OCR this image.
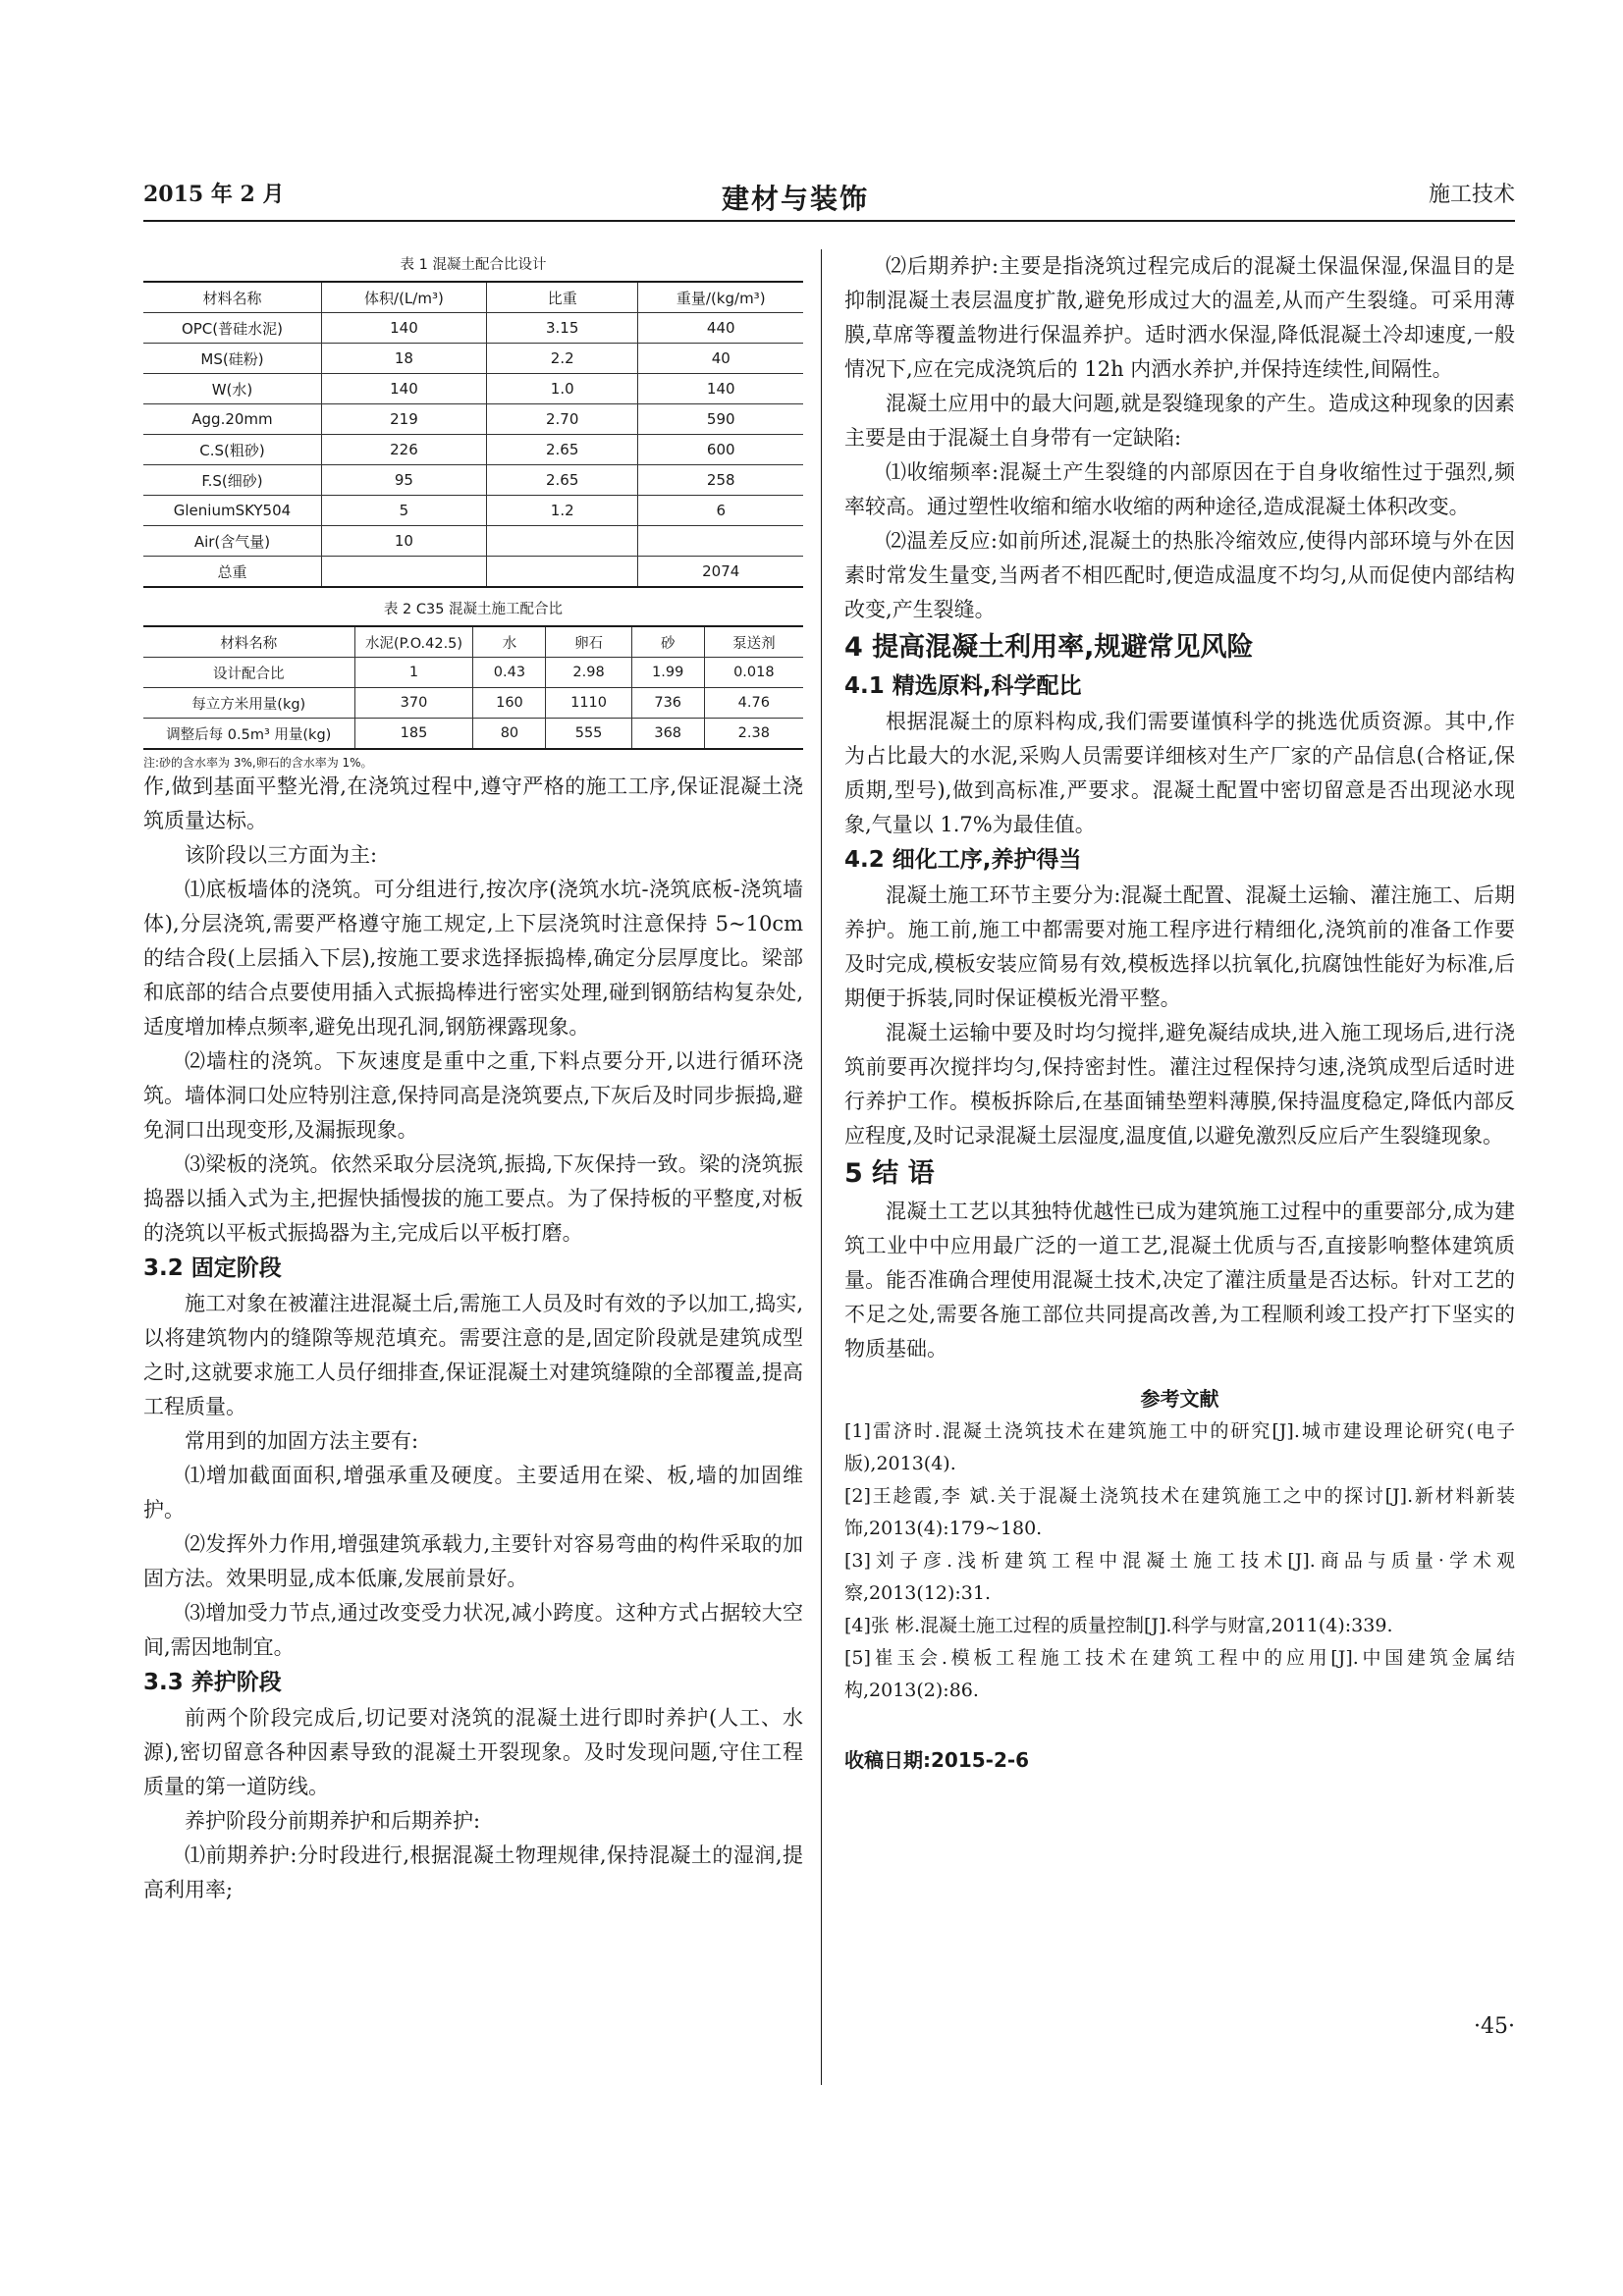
2015 年 2 月	建材与装饰	施工技术
表 1 混凝土配合比设计
材料名称	体积/(L/m³)	比重	重量/(kg/m³)
OPC(普硅水泥)	140	3.15	440
MS(硅粉)	18	2.2	40
W(水)	140	1.0	140
Agg.20mm	219	2.70	590
C.S(粗砂)	226	2.65	600
F.S(细砂)	95	2.65	258
GleniumSKY504	5	1.2	6
Air(含气量)	10		
总重			2074
表 2 C35 混凝土施工配合比
材料名称	水泥(P.O.42.5)	水	卵石	砂	泵送剂
设计配合比	1	0.43	2.98	1.99	0.018
每立方米用量(kg)	370	160	1110	736	4.76
调整后每 0.5m³ 用量(kg)	185	80	555	368	2.38
注:砂的含水率为 3%,卵石的含水率为 1%。

作,做到基面平整光滑,在浇筑过程中,遵守严格的施工工序,保证混凝土浇筑质量达标。

该阶段以三方面为主:

⑴底板墙体的浇筑。可分组进行,按次序(浇筑水坑-浇筑底板-浇筑墙体),分层浇筑,需要严格遵守施工规定,上下层浇筑时注意保持 5~10cm 的结合段(上层插入下层),按施工要求选择振捣棒,确定分层厚度比。梁部和底部的结合点要使用插入式振捣棒进行密实处理,碰到钢筋结构复杂处,适度增加棒点频率,避免出现孔洞,钢筋裸露现象。

⑵墙柱的浇筑。下灰速度是重中之重,下料点要分开,以进行循环浇筑。墙体洞口处应特别注意,保持同高是浇筑要点,下灰后及时同步振捣,避免洞口出现变形,及漏振现象。

⑶梁板的浇筑。依然采取分层浇筑,振捣,下灰保持一致。梁的浇筑振捣器以插入式为主,把握快插慢拔的施工要点。为了保持板的平整度,对板的浇筑以平板式振捣器为主,完成后以平板打磨。

3.2 固定阶段

施工对象在被灌注进混凝土后,需施工人员及时有效的予以加工,捣实,以将建筑物内的缝隙等规范填充。需要注意的是,固定阶段就是建筑成型之时,这就要求施工人员仔细排查,保证混凝土对建筑缝隙的全部覆盖,提高工程质量。

常用到的加固方法主要有:

⑴增加截面面积,增强承重及硬度。主要适用在梁、板,墙的加固维护。

⑵发挥外力作用,增强建筑承载力,主要针对容易弯曲的构件采取的加固方法。效果明显,成本低廉,发展前景好。

⑶增加受力节点,通过改变受力状况,减小跨度。这种方式占据较大空间,需因地制宜。

3.3 养护阶段

前两个阶段完成后,切记要对浇筑的混凝土进行即时养护(人工、水源),密切留意各种因素导致的混凝土开裂现象。及时发现问题,守住工程质量的第一道防线。

养护阶段分前期养护和后期养护:

⑴前期养护:分时段进行,根据混凝土物理规律,保持混凝土的湿润,提高利用率;

⑵后期养护:主要是指浇筑过程完成后的混凝土保温保湿,保温目的是抑制混凝土表层温度扩散,避免形成过大的温差,从而产生裂缝。可采用薄膜,草席等覆盖物进行保温养护。适时洒水保湿,降低混凝土冷却速度,一般情况下,应在完成浇筑后的 12h 内洒水养护,并保持连续性,间隔性。

混凝土应用中的最大问题,就是裂缝现象的产生。造成这种现象的因素主要是由于混凝土自身带有一定缺陷:

⑴收缩频率:混凝土产生裂缝的内部原因在于自身收缩性过于强烈,频率较高。通过塑性收缩和缩水收缩的两种途径,造成混凝土体积改变。

⑵温差反应:如前所述,混凝土的热胀冷缩效应,使得内部环境与外在因素时常发生量变,当两者不相匹配时,便造成温度不均匀,从而促使内部结构改变,产生裂缝。

4 提高混凝土利用率,规避常见风险
4.1 精选原料,科学配比

根据混凝土的原料构成,我们需要谨慎科学的挑选优质资源。其中,作为占比最大的水泥,采购人员需要详细核对生产厂家的产品信息(合格证,保质期,型号),做到高标准,严要求。混凝土配置中密切留意是否出现泌水现象,气量以 1.7%为最佳值。

4.2 细化工序,养护得当

混凝土施工环节主要分为:混凝土配置、混凝土运输、灌注施工、后期养护。施工前,施工中都需要对施工程序进行精细化,浇筑前的准备工作要及时完成,模板安装应简易有效,模板选择以抗氧化,抗腐蚀性能好为标准,后期便于拆装,同时保证模板光滑平整。

混凝土运输中要及时均匀搅拌,避免凝结成块,进入施工现场后,进行浇筑前要再次搅拌均匀,保持密封性。灌注过程保持匀速,浇筑成型后适时进行养护工作。模板拆除后,在基面铺垫塑料薄膜,保持温度稳定,降低内部反应程度,及时记录混凝土层湿度,温度值,以避免激烈反应后产生裂缝现象。

5 结 语

混凝土工艺以其独特优越性已成为建筑施工过程中的重要部分,成为建筑工业中中应用最广泛的一道工艺,混凝土优质与否,直接影响整体建筑质量。能否准确合理使用混凝土技术,决定了灌注质量是否达标。针对工艺的不足之处,需要各施工部位共同提高改善,为工程顺利竣工投产打下坚实的物质基础。

参考文献
[1]雷济时.混凝土浇筑技术在建筑施工中的研究[J].城市建设理论研究(电子版),2013(4).
[2]王趁霞,李 斌.关于混凝土浇筑技术在建筑施工之中的探讨[J].新材料新装饰,2013(4):179~180.
[3]刘子彦.浅析建筑工程中混凝土施工技术[J].商品与质量·学术观察,2013(12):31.
[4]张 彬.混凝土施工过程的质量控制[J].科学与财富,2011(4):339.
[5]崔玉会.模板工程施工技术在建筑工程中的应用[J].中国建筑金属结构,2013(2):86.
收稿日期:2015-2-6
·45·
